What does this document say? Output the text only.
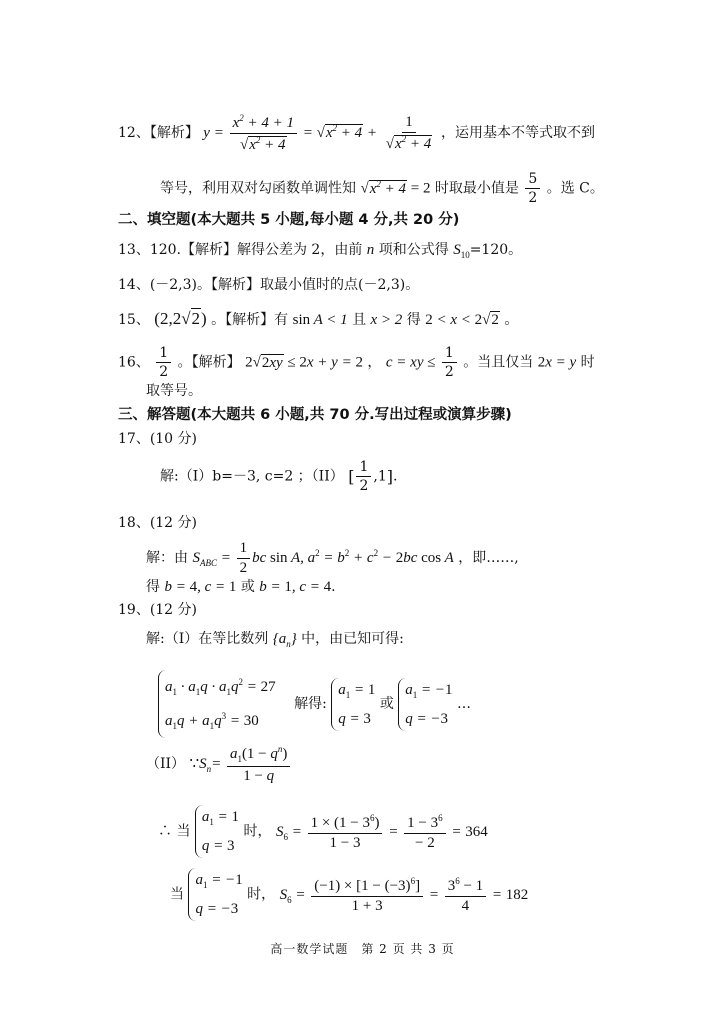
12、【解析】 $y = \frac{x^2 + 4 + 1}{√x^2 + 4} = √x^2 + 4 + \frac{1}{√x^2 + 4}$ ，运用基本不等式取不到
等号，利用双对勾函数单调性知 $√x^2 + 4 = 2$ 时取最小值是 $\frac{5}{2}$ 。选 C。
二、填空题(本大题共 5 小题,每小题 4 分,共 20 分)
13、120.【解析】解得公差为 2，由前 n 项和公式得 $S_{10}=120$。
14、(－2,3)。【解析】取最小值时的点(－2,3)。
15、 (2,2√2) 。【解析】有 sin A < 1 且 x > 2 得 2 < x < 2√2 。
16、 $\frac{1}{2}$ 。【解析】 2√2xy ≤ 2x + y = 2 ， c = xy ≤ $\frac{1}{2}$ 。当且仅当 2x = y 时
取等号。
三、解答题(本大题共 6 小题,共 70 分.写出过程或演算步骤)
17、(10 分)
解:（I）b=－3, c=2 ；（II） [ $\frac{1}{2} ,1$].
18、(12 分)
解：由 $S_{ABC} = \frac{1}{2}$ bc sin A, $a^2 = b^2 + c^2 - 2bc$ cos A ，即……,
得 b = 4, c = 1 或 b = 1, c = 4.
19、(12 分)
解:（I）在等比数列 $\{a_n\}$ 中，由已知可得:
$a_1 \cdot a_1q \cdot a_1q^2 = 27$
$a_1q + a_1q^3 = 30$
解得:
$a_1 = 1$
q = 3
或
$a_1 = -1$
q = −3
…
（II） $\because S_n= \frac{a_1(1 - q^n)}{1 - q}$
∴ 当
$a_1 = 1$
q = 3
时， $S_6 = \frac{1 \times (1 - 3^6)}{1 - 3} = \frac{1 - 3^6}{- 2} = 364$
当
$a_1 = -1$
q = −3
时， $S_6 = \frac{(-1) \times [1 - (-3)^6]}{1 + 3} = \frac{3^6 - 1}{4} = 182$
高一数学试题　第 2 页 共 3 页
